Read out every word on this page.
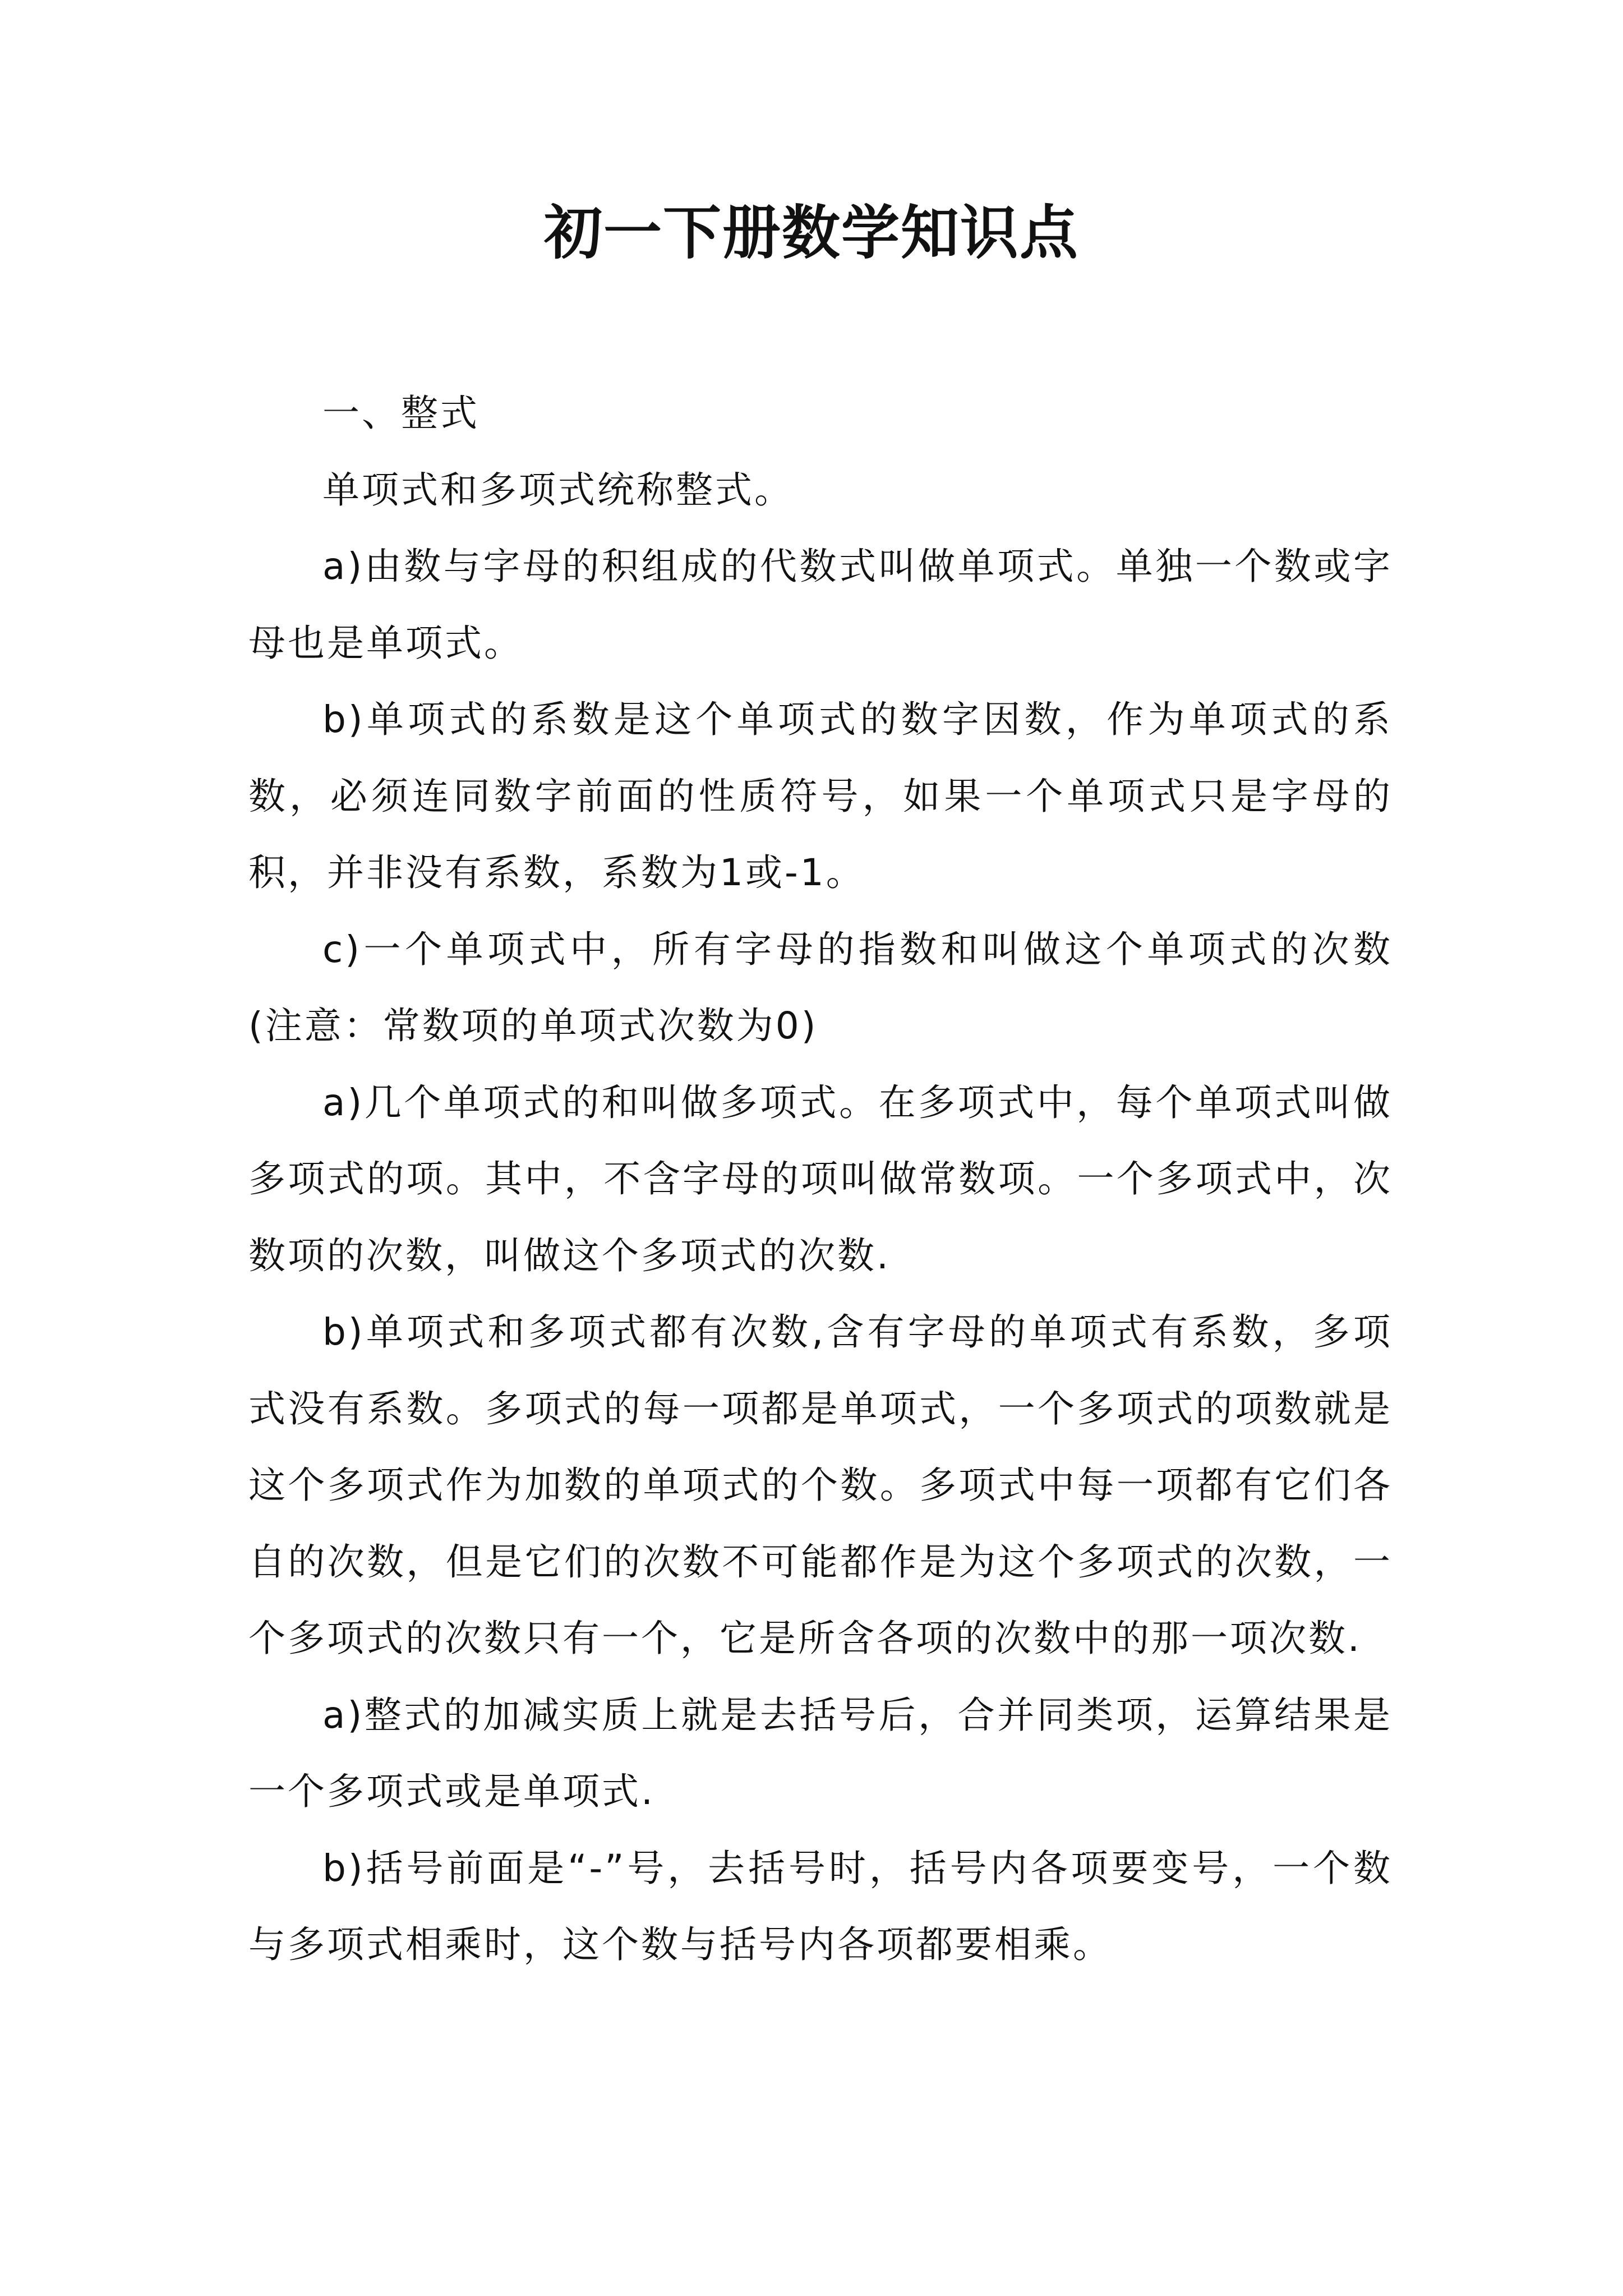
初一下册数学知识点

一、整式

单项式和多项式统称整式。

a)由数与字母的积组成的代数式叫做单项式。单独一个数或字母也是单项式。

b)单项式的系数是这个单项式的数字因数，作为单项式的系数，必须连同数字前面的性质符号，如果一个单项式只是字母的积，并非没有系数，系数为1或-1。

c)一个单项式中，所有字母的指数和叫做这个单项式的次数(注意：常数项的单项式次数为0)

a)几个单项式的和叫做多项式。在多项式中，每个单项式叫做多项式的项。其中，不含字母的项叫做常数项。一个多项式中，次数项的次数，叫做这个多项式的次数.

b)单项式和多项式都有次数,含有字母的单项式有系数，多项式没有系数。多项式的每一项都是单项式，一个多项式的项数就是这个多项式作为加数的单项式的个数。多项式中每一项都有它们各自的次数，但是它们的次数不可能都作是为这个多项式的次数，一个多项式的次数只有一个，它是所含各项的次数中的那一项次数.

a)整式的加减实质上就是去括号后，合并同类项，运算结果是一个多项式或是单项式.

b)括号前面是“-”号，去括号时，括号内各项要变号，一个数与多项式相乘时，这个数与括号内各项都要相乘。
